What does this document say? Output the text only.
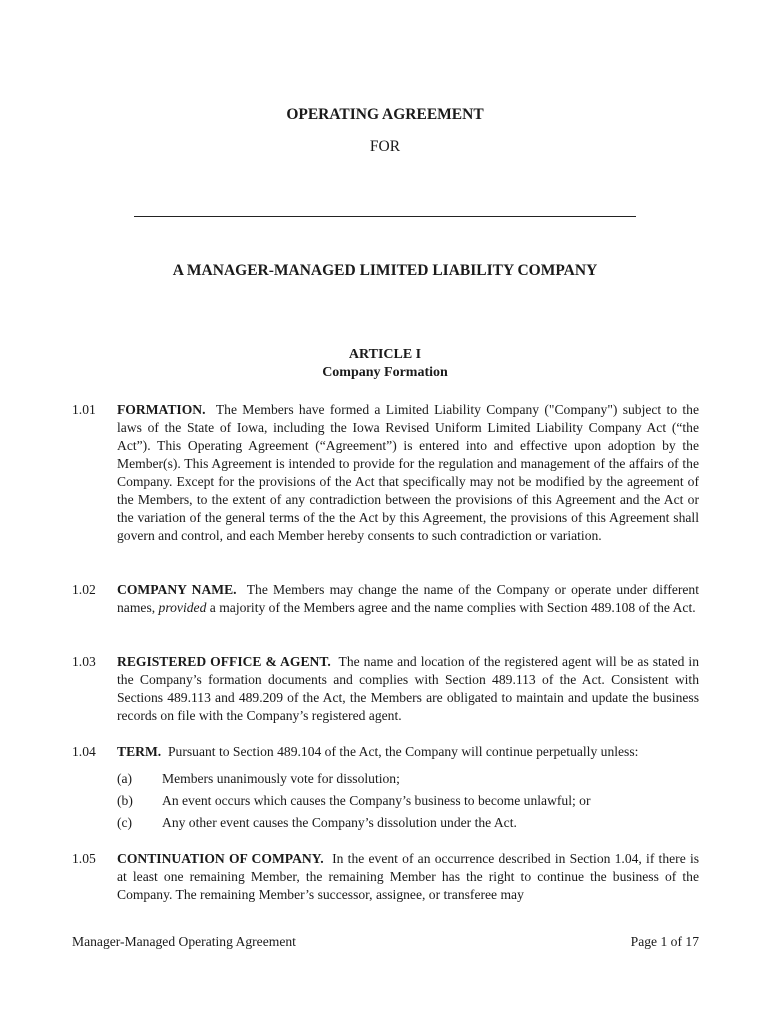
OPERATING AGREEMENT
FOR
A MANAGER-MANAGED LIMITED LIABILITY COMPANY
ARTICLE I
Company Formation
1.01 FORMATION. The Members have formed a Limited Liability Company ("Company") subject to the laws of the State of Iowa, including the Iowa Revised Uniform Limited Liability Company Act (“the Act”). This Operating Agreement (“Agreement”) is entered into and effective upon adoption by the Member(s). This Agreement is intended to provide for the regulation and management of the affairs of the Company. Except for the provisions of the Act that specifically may not be modified by the agreement of the Members, to the extent of any contradiction between the provisions of this Agreement and the Act or the variation of the general terms of the the Act by this Agreement, the provisions of this Agreement shall govern and control, and each Member hereby consents to such contradiction or variation.
1.02 COMPANY NAME. The Members may change the name of the Company or operate under different names, provided a majority of the Members agree and the name complies with Section 489.108 of the Act.
1.03 REGISTERED OFFICE & AGENT. The name and location of the registered agent will be as stated in the Company’s formation documents and complies with Section 489.113 of the Act. Consistent with Sections 489.113 and 489.209 of the Act, the Members are obligated to maintain and update the business records on file with the Company’s registered agent.
1.04 TERM. Pursuant to Section 489.104 of the Act, the Company will continue perpetually unless:
(a) Members unanimously vote for dissolution;
(b) An event occurs which causes the Company’s business to become unlawful; or
(c) Any other event causes the Company’s dissolution under the Act.
1.05 CONTINUATION OF COMPANY. In the event of an occurrence described in Section 1.04, if there is at least one remaining Member, the remaining Member has the right to continue the business of the Company. The remaining Member’s successor, assignee, or transferee may
Manager-Managed Operating Agreement	Page 1 of 17
